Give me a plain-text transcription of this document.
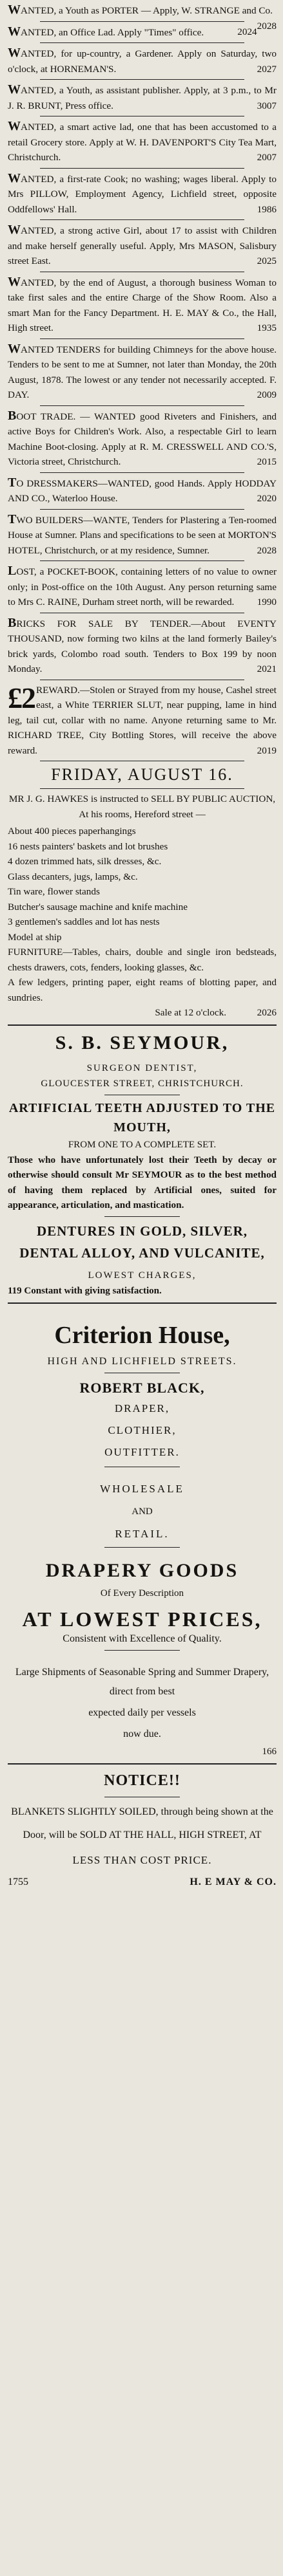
WANTED, a Youth as PORTER — Apply, W. STRANGE and Co.
2028
WANTED, an Office Lad. Apply "Times" office.	2024
WANTED, for up-country, a Gardener. Apply on Saturday, two o'clock, at HORNEMAN'S.	2027
WANTED, a Youth, as assistant publisher. Apply, at 3 p.m., to Mr J. R. BRUNT, Press office.	3007
WANTED, a smart active lad, one that has been accustomed to a retail Grocery store. Apply at W. H. DAVENPORT'S City Tea Mart, Christchurch.	2007
WANTED, a first-rate Cook; no washing; wages liberal. Apply to Mrs PILLOW, Employment Agency, Lichfield street, opposite Oddfellows' Hall.	1986
WANTED, a strong active Girl, about 17 to assist with Children and make herself generally useful. Apply, Mrs MASON, Salisbury street East.	2025
WANTED, by the end of August, a thorough business Woman to take first sales and the entire Charge of the Show Room. Also a smart Man for the Fancy Department. H. E. MAY & Co., the Hall, High street.	1935
WANTED TENDERS for building Chimneys for the above house. Tenders to be sent to me at Sumner, not later than Monday, the 20th August, 1878. The lowest or any tender not necessarily accepted. F. DAY.	2009
BOOT TRADE. — WANTED good Riveters and Finishers, and active Boys for Children's Work. Also, a respectable Girl to learn Machine Boot-closing. Apply at R. M. CRESSWELL AND CO.'S, Victoria street, Christchurch.	2015
TO DRESSMAKERS—WANTED, good Hands. Apply HODDAY AND CO., Waterloo House.	2020
TWO BUILDERS—WANTE, Tenders for Plastering a Ten-roomed House at Sumner. Plans and specifications to be seen at MORTON'S HOTEL, Christchurch, or at my residence, Sumner.	2028
LOST, a POCKET-BOOK, containing letters of no value to owner only; in Post-office on the 10th August. Any person returning same to Mrs C. RAINE, Durham street north, will be rewarded. 1990
BRICKS FOR SALE BY TENDER.—About EVENTY THOUSAND, now forming two kilns at the land formerly Bailey's brick yards, Colombo road south. Tenders to Box 199 by noon Monday.	2021
£2 REWARD.—Stolen or Strayed from my house, Cashel street east, a White TERRIER SLUT, near pupping, lame in hind leg, tail cut, collar with no name. Anyone returning same to Mr. RICHARD TREE, City Bottling Stores, will receive the above reward.	2019
FRIDAY, AUGUST 16.
MR J. G. HAWKES is instructed to SELL BY PUBLIC AUCTION, At his rooms, Hereford street —
About 400 pieces paperhangings
16 nests painters' baskets and lot brushes
4 dozen trimmed hats, silk dresses, &c.
Glass decanters, jugs, lamps, &c.
Tin ware, flower stands
Butcher's sausage machine and knife machine
3 gentlemen's saddles and lot has nests
Model at ship
FURNITURE—Tables, chairs, double and single iron bedsteads, chests drawers, cots, fenders, looking glasses, &c.
A few ledgers, printing paper, eight reams of blotting paper, and sundries.
Sale at 12 o'clock.	2026
S. B. SEYMOUR,
SURGEON DENTIST,
GLOUCESTER STREET, CHRISTCHURCH.
ARTIFICIAL TEETH ADJUSTED TO THE MOUTH,
FROM ONE TO A COMPLETE SET.
Those who have unfortunately lost their Teeth by decay or otherwise should consult Mr SEYMOUR as to the best method of having them replaced by Artificial ones, suited for appearance, articulation, and mastication.
DENTURES IN GOLD, SILVER, DENTAL ALLOY, AND VULCANITE,
LOWEST CHARGES,
119 Constant with giving satisfaction.
Criterion House,
HIGH AND LICHFIELD STREETS.
ROBERT BLACK,
DRAPER,
CLOTHIER,
OUTFITTER.
WHOLESALE
AND
RETAIL.
DRAPERY GOODS
Of Every Description
AT LOWEST PRICES,
Consistent with Excellence of Quality.
Large Shipments of Seasonable Spring and Summer Drapery, direct from best
expected daily per vessels
now due.
166
NOTICE!!
BLANKETS SLIGHTLY SOILED, through being shown at the Door, will be SOLD AT THE HALL, HIGH STREET, AT
LESS THAN COST PRICE.
1755	H. E MAY & CO.
